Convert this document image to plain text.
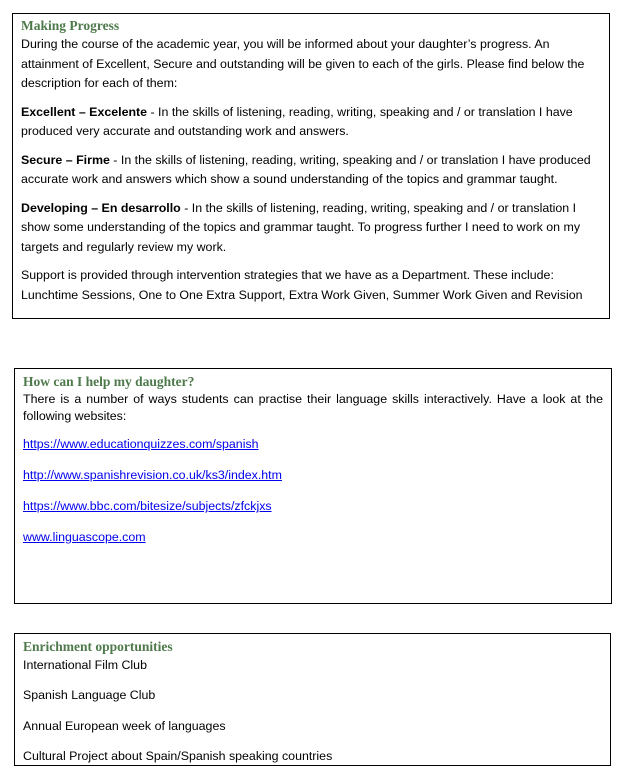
Making Progress

During the course of the academic year, you will be informed about your daughter’s progress. An attainment of Excellent, Secure and outstanding will be given to each of the girls. Please find below the description for each of them:

Excellent – Excelente - In the skills of listening, reading, writing, speaking and / or translation I have produced very accurate and outstanding work and answers.

Secure – Firme - In the skills of listening, reading, writing, speaking and / or translation I have produced accurate work and answers which show a sound understanding of the topics and grammar taught.

Developing – En desarrollo - In the skills of listening, reading, writing, speaking and / or translation I show some understanding of the topics and grammar taught. To progress further I need to work on my targets and regularly review my work.

Support is provided through intervention strategies that we have as a Department. These include: Lunchtime Sessions, One to One Extra Support, Extra Work Given, Summer Work Given and Revision

How can I help my daughter?

There is a number of ways students can practise their language skills interactively. Have a look at the following websites:

https://www.educationquizzes.com/spanish
http://www.spanishrevision.co.uk/ks3/index.htm
https://www.bbc.com/bitesize/subjects/zfckjxs
www.linguascope.com

Enrichment opportunities

International Film Club

Spanish Language Club

Annual European week of languages

Cultural Project about Spain/Spanish speaking countries
